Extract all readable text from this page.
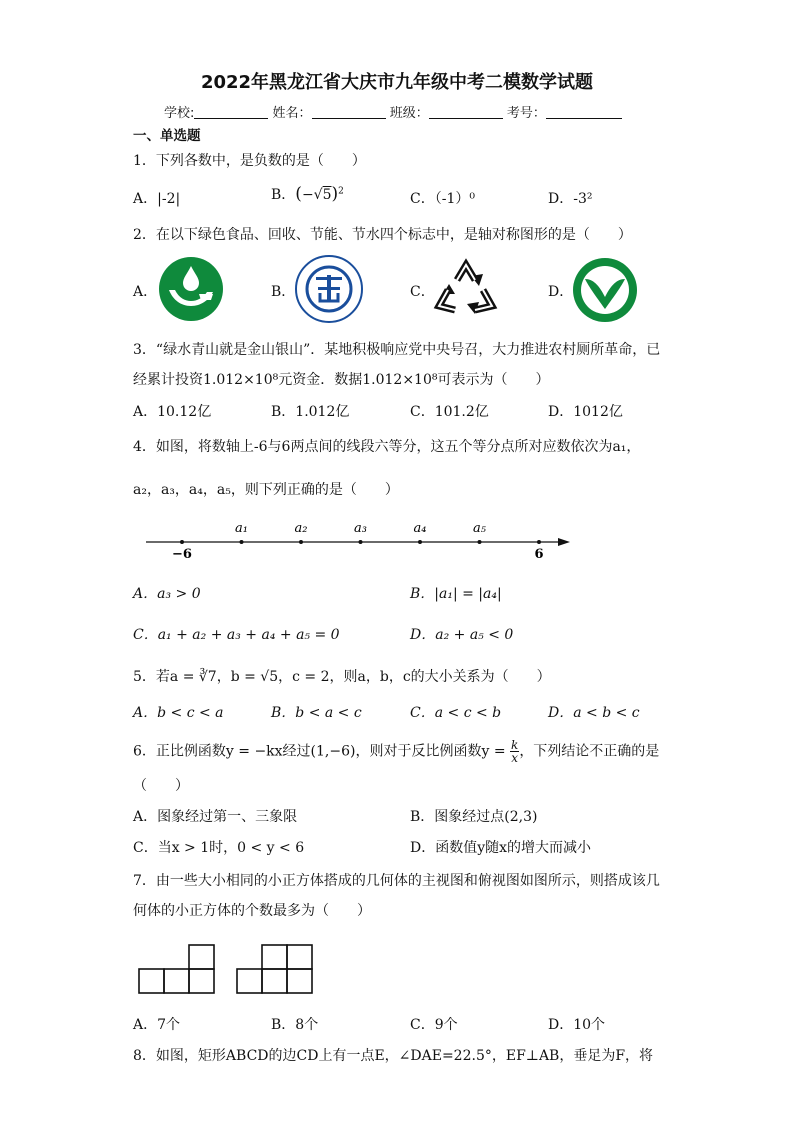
2022年黑龙江省大庆市九年级中考二模数学试题
学校:	姓名：	班级：	考号：
一、单选题
1．下列各数中，是负数的是（　　）
A．|-2|	B．$(-√5)^2$	C．（-1）⁰	D．-3²
2．在以下绿色食品、回收、节能、节水四个标志中，是轴对称图形的是（　　）
A．	B．	C．	D．
3．“绿水青山就是金山银山”．某地积极响应党中央号召，大力推进农村厕所革命，已
经累计投资1.012×10⁸元资金．数据1.012×10⁸可表示为（　　）
A．10.12亿	B．1.012亿	C．101.2亿	D．1012亿
4．如图，将数轴上-6与6两点间的线段六等分，这五个等分点所对应数依次为a₁，
a₂，a₃，a₄，a₅，则下列正确的是（　　）
−6	6
a₁	a₂	a₃	a₄	a₅
A．a₃ > 0	B．|a₁| = |a₄|
C．a₁ + a₂ + a₃ + a₄ + a₅ = 0	D．a₂ + a₅ < 0
5．若a = ∛7，b = √5，c = 2，则a，b，c的大小关系为（　　）
A．b < c < a	B．b < a < c	C．a < c < b	D．a < b < c
6．正比例函数y = −kx经过(1,−6)，则对于反比例函数$y = \frac{k}{x}$ ，下列结论不正确的是
（　　）
A．图象经过第一、三象限	B．图象经过点(2,3)
C．当x > 1时，0 < y < 6	D．函数值y随x的增大而减小
7．由一些大小相同的小正方体搭成的几何体的主视图和俯视图如图所示，则搭成该几
何体的小正方体的个数最多为（　　）
A．7个	B．8个	C．9个	D．10个
8．如图，矩形ABCD的边CD上有一点E，∠DAE=22.5°，EF⊥AB，垂足为F，将
